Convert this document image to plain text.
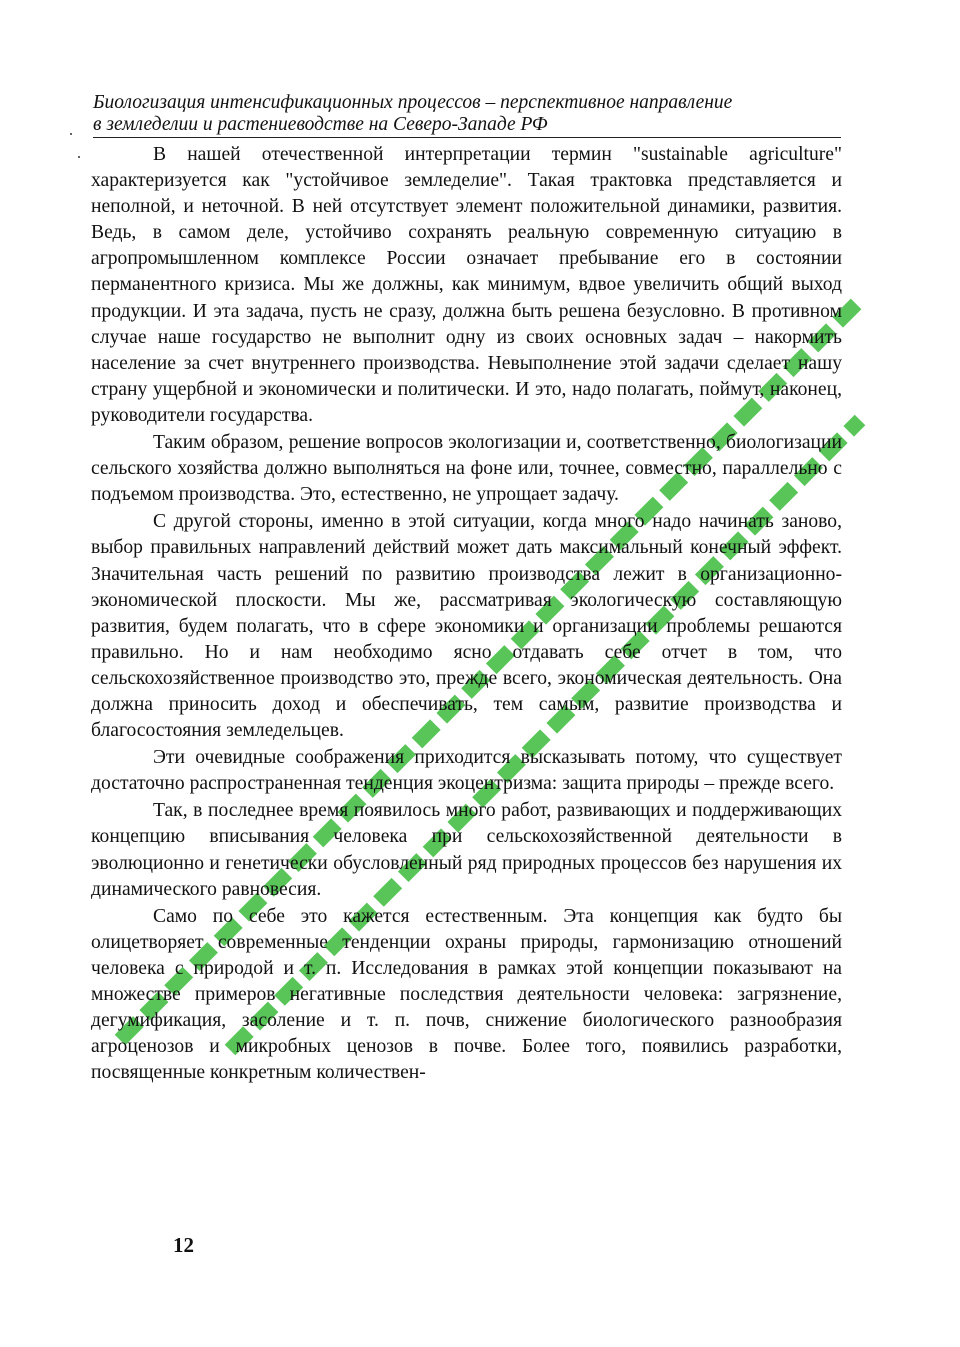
Биологизация интенсификационных процессов – перспективное направление
в земледелии и растениеводстве на Северо-Западе РФ

В нашей отечественной интерпретации термин "sustainable agriculture" характеризуется как "устойчивое земледелие". Такая трактовка представляется и неполной, и неточной. В ней отсутствует элемент положительной динамики, развития. Ведь, в самом деле, устойчиво сохранять реальную современную ситуацию в агропромышленном комплексе России означает пребывание его в состоянии перманентного кризиса. Мы же должны, как минимум, вдвое увеличить общий выход продукции. И эта задача, пусть не сразу, должна быть решена безусловно. В противном случае наше государство не выполнит одну из своих основных задач – накормить население за счет внутреннего производства. Невыполнение этой задачи сделает нашу страну ущербной и экономически и политически. И это, надо полагать, поймут, наконец, руководители государства.

Таким образом, решение вопросов экологизации и, соответственно, биологизации сельского хозяйства должно выполняться на фоне или, точнее, совместно, параллельно с подъемом производства. Это, естественно, не упрощает задачу.

С другой стороны, именно в этой ситуации, когда много надо начинать заново, выбор правильных направлений действий может дать максимальный конечный эффект. Значительная часть решений по развитию производства лежит в организационно-экономической плоскости. Мы же, рассматривая экологическую составляющую развития, будем полагать, что в сфере экономики и организации проблемы решаются правильно. Но и нам необходимо ясно отдавать себе отчет в том, что сельскохозяйственное производство это, прежде всего, экономическая деятельность. Она должна приносить доход и обеспечивать, тем самым, развитие производства и благосостояния земледельцев.

Эти очевидные соображения приходится высказывать потому, что существует достаточно распространенная тенденция экоцентризма: защита природы – прежде всего.

Так, в последнее время появилось много работ, развивающих и поддерживающих концепцию вписывания человека при сельскохозяйственной деятельности в эволюционно и генетически обусловленный ряд природных процессов без нарушения их динамического равновесия.

Само по себе это кажется естественным. Эта концепция как будто бы олицетворяет современные тенденции охраны природы, гармонизацию отношений человека с природой и т. п. Исследования в рамках этой концепции показывают на множестве примеров негативные последствия деятельности человека: загрязнение, дегумификация, засоление и т. п. почв, снижение биологического разнообразия агроценозов и микробных ценозов в почве. Более того, появились разработки, посвященные конкретным количествен-

12
